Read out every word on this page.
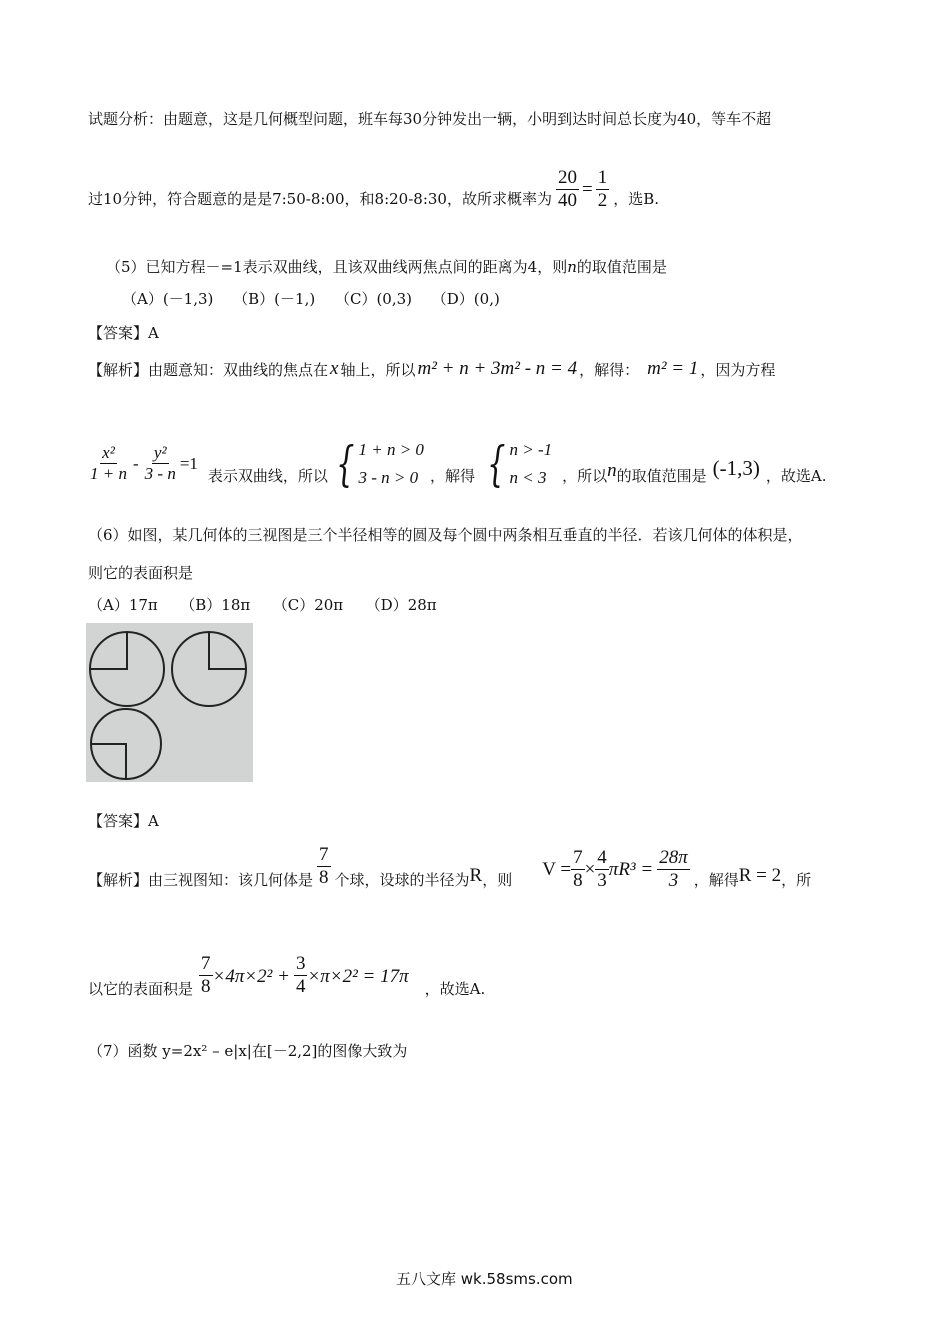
试题分析：由题意，这是几何概型问题，班车每30分钟发出一辆，小明到达时间总长度为40，等车不超
过10分钟，符合题意的是是7:50-8:00，和8:20-8:30，故所求概率为 $\frac{20}{40} = \frac{1}{2}$ ，选B.
（5）已知方程－=1表示双曲线，且该双曲线两焦点间的距离为4，则n的取值范围是
（A）(－1,3)　 （B）(－1,)　 （C）(0,3)　 （D）(0,)
【答案】A
【解析】由题意知：双曲线的焦点在 x 轴上，所以 m² + n + 3m² - n = 4 ，解得： m² = 1 ，因为方程
$\frac{\text{x²}}{1 + n} - \frac{\text{y²}}{3 - n} =1$
表示双曲线，所以 { 1 + n > 0
3 - n > 0 ，解得 { n > -1
n < 3	，所以 n 的取值范围是 (-1,3) ，故选A.
（6）如图，某几何体的三视图是三个半径相等的圆及每个圆中两条相互垂直的半径．若该几何体的体积是，
则它的表面积是
（A）17π　　（B）18π　　（C）20π　　（D）28π
【答案】A
【解析】由三视图知：该几何体是 $\frac{7}{8}$ 个球，设球的半径为 R ，则 $V = \frac{7}{8} \times \frac{4}{3} \pi R^3 = \frac{28\pi}{3}$ ，解得 R = 2 ，所
以它的表面积是 $\frac{7}{8} \times 4\pi\times 2^2 + \frac{3}{4} \times\pi\times 2^2 = 17\pi$
，故选A.
（7）函数 y=2x² – e|x|在[－2,2]的图像大致为
五八文库 wk.58sms.com
